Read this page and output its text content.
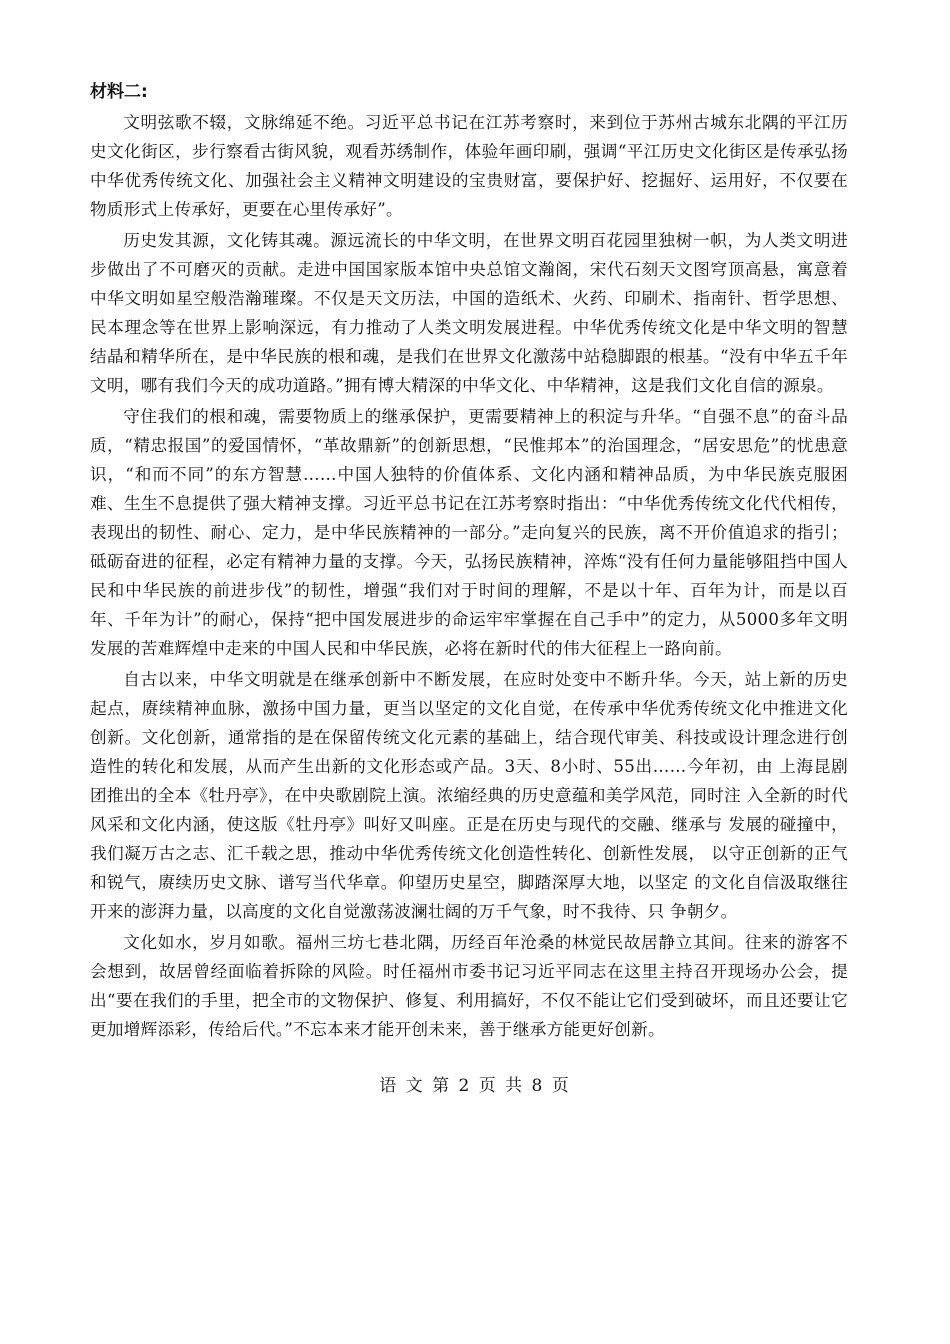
材料二:

文明弦歌不辍，文脉绵延不绝。习近平总书记在江苏考察时，来到位于苏州古城东北隅的平江历史文化街区，步行察看古街风貌，观看苏绣制作，体验年画印刷，强调“平江历史文化街区是传承弘扬中华优秀传统文化、加强社会主义精神文明建设的宝贵财富，要保护好、挖掘好、运用好，不仅要在物质形式上传承好，更要在心里传承好”。

历史发其源，文化铸其魂。源远流长的中华文明，在世界文明百花园里独树一帜，为人类文明进步做出了不可磨灭的贡献。走进中国国家版本馆中央总馆文瀚阁，宋代石刻天文图穹顶高悬，寓意着中华文明如星空般浩瀚璀璨。不仅是天文历法，中国的造纸术、火药、印刷术、指南针、哲学思想、民本理念等在世界上影响深远，有力推动了人类文明发展进程。中华优秀传统文化是中华文明的智慧结晶和精华所在，是中华民族的根和魂，是我们在世界文化激荡中站稳脚跟的根基。“没有中华五千年文明，哪有我们今天的成功道路。”拥有博大精深的中华文化、中华精神，这是我们文化自信的源泉。

守住我们的根和魂，需要物质上的继承保护，更需要精神上的积淀与升华。“自强不息”的奋斗品质，“精忠报国”的爱国情怀，“革故鼎新”的创新思想，“民惟邦本”的治国理念，“居安思危”的忧患意识，“和而不同”的东方智慧……中国人独特的价值体系、文化内涵和精神品质，为中华民族克服困难、生生不息提供了强大精神支撑。习近平总书记在江苏考察时指出：“中华优秀传统文化代代相传，表现出的韧性、耐心、定力，是中华民族精神的一部分。”走向复兴的民族，离不开价值追求的指引；砥砺奋进的征程，必定有精神力量的支撑。今天，弘扬民族精神，淬炼“没有任何力量能够阻挡中国人民和中华民族的前进步伐”的韧性，增强“我们对于时间的理解，不是以十年、百年为计，而是以百年、千年为计”的耐心，保持“把中国发展进步的命运牢牢掌握在自己手中”的定力，从5000多年文明发展的苦难辉煌中走来的中国人民和中华民族，必将在新时代的伟大征程上一路向前。

自古以来，中华文明就是在继承创新中不断发展，在应时处变中不断升华。今天，站上新的历史起点，赓续精神血脉，激扬中国力量，更当以坚定的文化自觉，在传承中华优秀传统文化中推进文化创新。文化创新，通常指的是在保留传统文化元素的基础上，结合现代审美、科技或设计理念进行创造性的转化和发展，从而产生出新的文化形态或产品。3天、8小时、55出……今年初，由 上海昆剧团推出的全本《牡丹亭》，在中央歌剧院上演。浓缩经典的历史意蕴和美学风范，同时注 入全新的时代风采和文化内涵，使这版《牡丹亭》叫好又叫座。正是在历史与现代的交融、继承与 发展的碰撞中，我们凝万古之志、汇千载之思，推动中华优秀传统文化创造性转化、创新性发展， 以守正创新的正气和锐气，赓续历史文脉、谱写当代华章。仰望历史星空，脚踏深厚大地，以坚定 的文化自信汲取继往开来的澎湃力量，以高度的文化自觉激荡波澜壮阔的万千气象，时不我待、只 争朝夕。

文化如水，岁月如歌。福州三坊七巷北隅，历经百年沧桑的林觉民故居静立其间。往来的游客不会想到，故居曾经面临着拆除的风险。时任福州市委书记习近平同志在这里主持召开现场办公会，提出“要在我们的手里，把全市的文物保护、修复、利用搞好，不仅不能让它们受到破坏，而且还要让它更加增辉添彩，传给后代。”不忘本来才能开创未来，善于继承方能更好创新。

语 文 第 2 页 共 8 页
